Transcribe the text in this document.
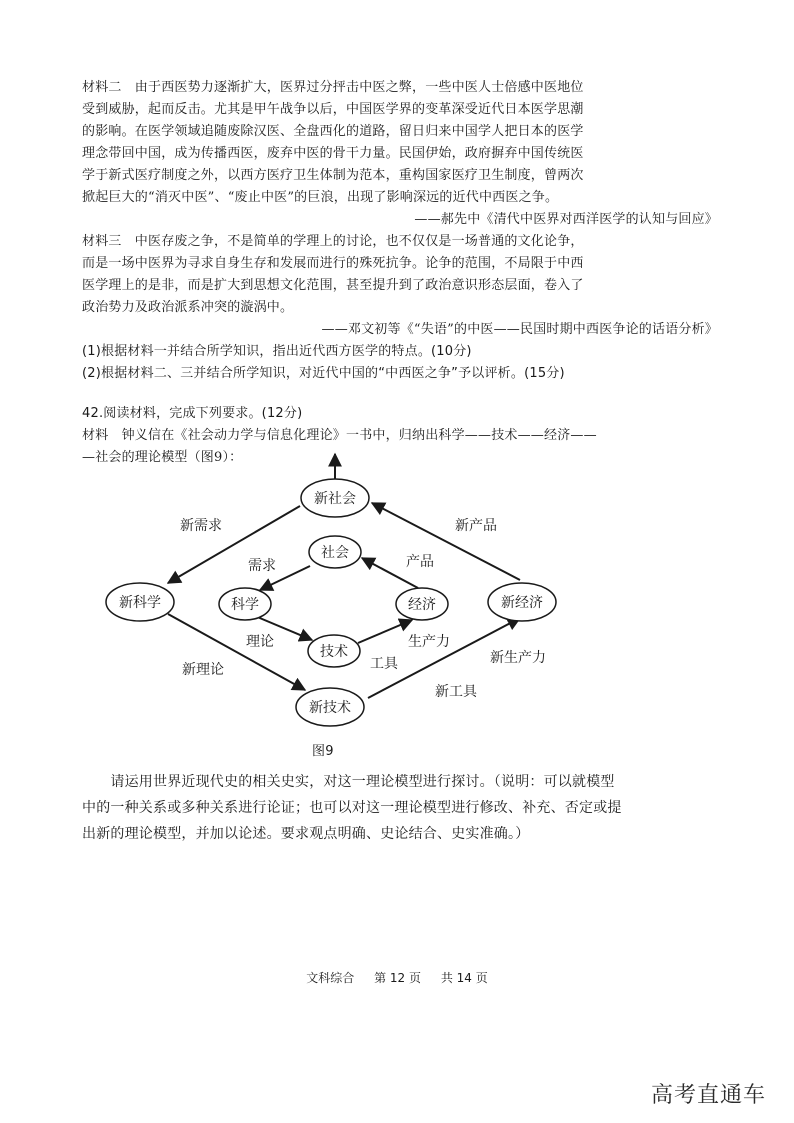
材料二　由于西医势力逐渐扩大，医界过分抨击中医之弊，一些中医人士倍感中医地位
受到威胁，起而反击。尤其是甲午战争以后，中国医学界的变革深受近代日本医学思潮
的影响。在医学领域追随废除汉医、全盘西化的道路，留日归来中国学人把日本的医学
理念带回中国，成为传播西医，废弃中医的骨干力量。民国伊始，政府摒弃中国传统医
学于新式医疗制度之外，以西方医疗卫生体制为范本，重构国家医疗卫生制度，曾两次
掀起巨大的“消灭中医”、“废止中医”的巨浪，出现了影响深远的近代中西医之争。
——郝先中《清代中医界对西洋医学的认知与回应》
材料三　中医存废之争，不是简单的学理上的讨论，也不仅仅是一场普通的文化论争，
而是一场中医界为寻求自身生存和发展而进行的殊死抗争。论争的范围，不局限于中西
医学理上的是非，而是扩大到思想文化范围，甚至提升到了政治意识形态层面，卷入了
政治势力及政治派系冲突的漩涡中。
——邓文初等《“失语”的中医——民国时期中西医争论的话语分析》
(1)根据材料一并结合所学知识，指出近代西方医学的特点。(10分)
(2)根据材料二、三并结合所学知识，对近代中国的“中西医之争”予以评析。(15分)
42.阅读材料，完成下列要求。(12分)
材料　钟义信在《社会动力学与信息化理论》一书中，归纳出科学——技术——经济——
—社会的理论模型（图9）：
新社会
社会
新科学	科学	经济	新经济
技术
新技术
新需求	新产品
需求	产品
理论	生产力
新理论	工具	新生产力
新工具
图9
　　请运用世界近现代史的相关史实，对这一理论模型进行探讨。（说明：可以就模型
中的一种关系或多种关系进行论证；也可以对这一理论模型进行修改、补充、否定或提
出新的理论模型，并加以论述。要求观点明确、史论结合、史实准确。）
文科综合 第 12 页 共 14 页
高考直通车
